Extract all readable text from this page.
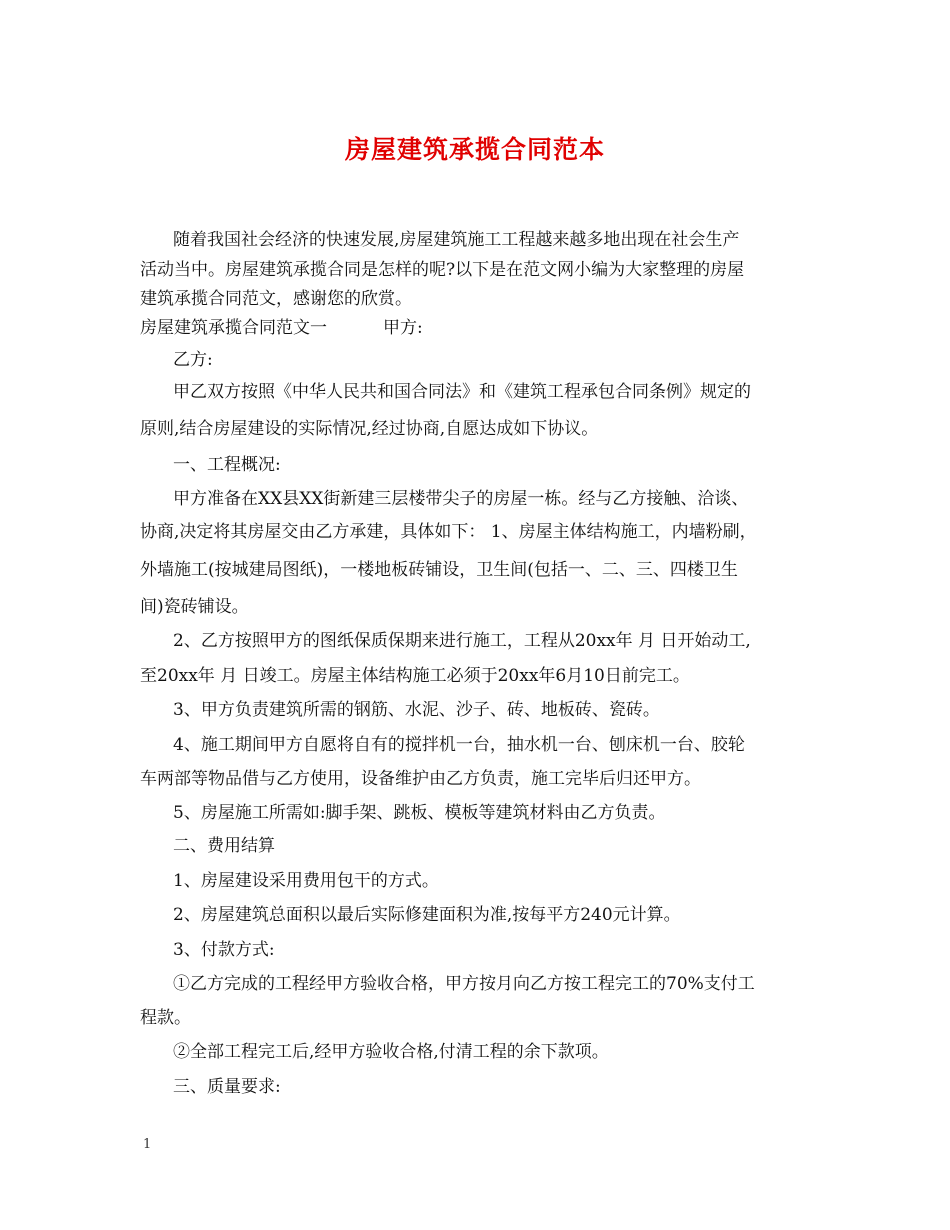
房屋建筑承揽合同范本
随着我国社会经济的快速发展,房屋建筑施工工程越来越多地出现在社会生产
活动当中。房屋建筑承揽合同是怎样的呢?以下是在范文网小编为大家整理的房屋
建筑承揽合同范文，感谢您的欣赏。
房屋建筑承揽合同范文一	甲方:
乙方:
甲乙双方按照《中华人民共和国合同法》和《建筑工程承包合同条例》规定的
原则,结合房屋建设的实际情况,经过协商,自愿达成如下协议。
一、工程概况:
甲方准备在XX县XX街新建三层楼带尖子的房屋一栋。经与乙方接触、洽谈、
协商,决定将其房屋交由乙方承建，具体如下： 1、房屋主体结构施工，内墙粉刷，
外墙施工(按城建局图纸)，一楼地板砖铺设，卫生间(包括一、二、三、四楼卫生
间)瓷砖铺设。
2、乙方按照甲方的图纸保质保期来进行施工，工程从20xx年 月 日开始动工,
至20xx年 月 日竣工。房屋主体结构施工必须于20xx年6月10日前完工。
3、甲方负责建筑所需的钢筋、水泥、沙子、砖、地板砖、瓷砖。
4、施工期间甲方自愿将自有的搅拌机一台，抽水机一台、刨床机一台、胶轮
车两部等物品借与乙方使用，设备维护由乙方负责，施工完毕后归还甲方。
5、房屋施工所需如:脚手架、跳板、模板等建筑材料由乙方负责。
二、费用结算
1、房屋建设采用费用包干的方式。
2、房屋建筑总面积以最后实际修建面积为准,按每平方240元计算。
3、付款方式:
①乙方完成的工程经甲方验收合格，甲方按月向乙方按工程完工的70%支付工
程款。
②全部工程完工后,经甲方验收合格,付清工程的余下款项。
三、质量要求:
1
